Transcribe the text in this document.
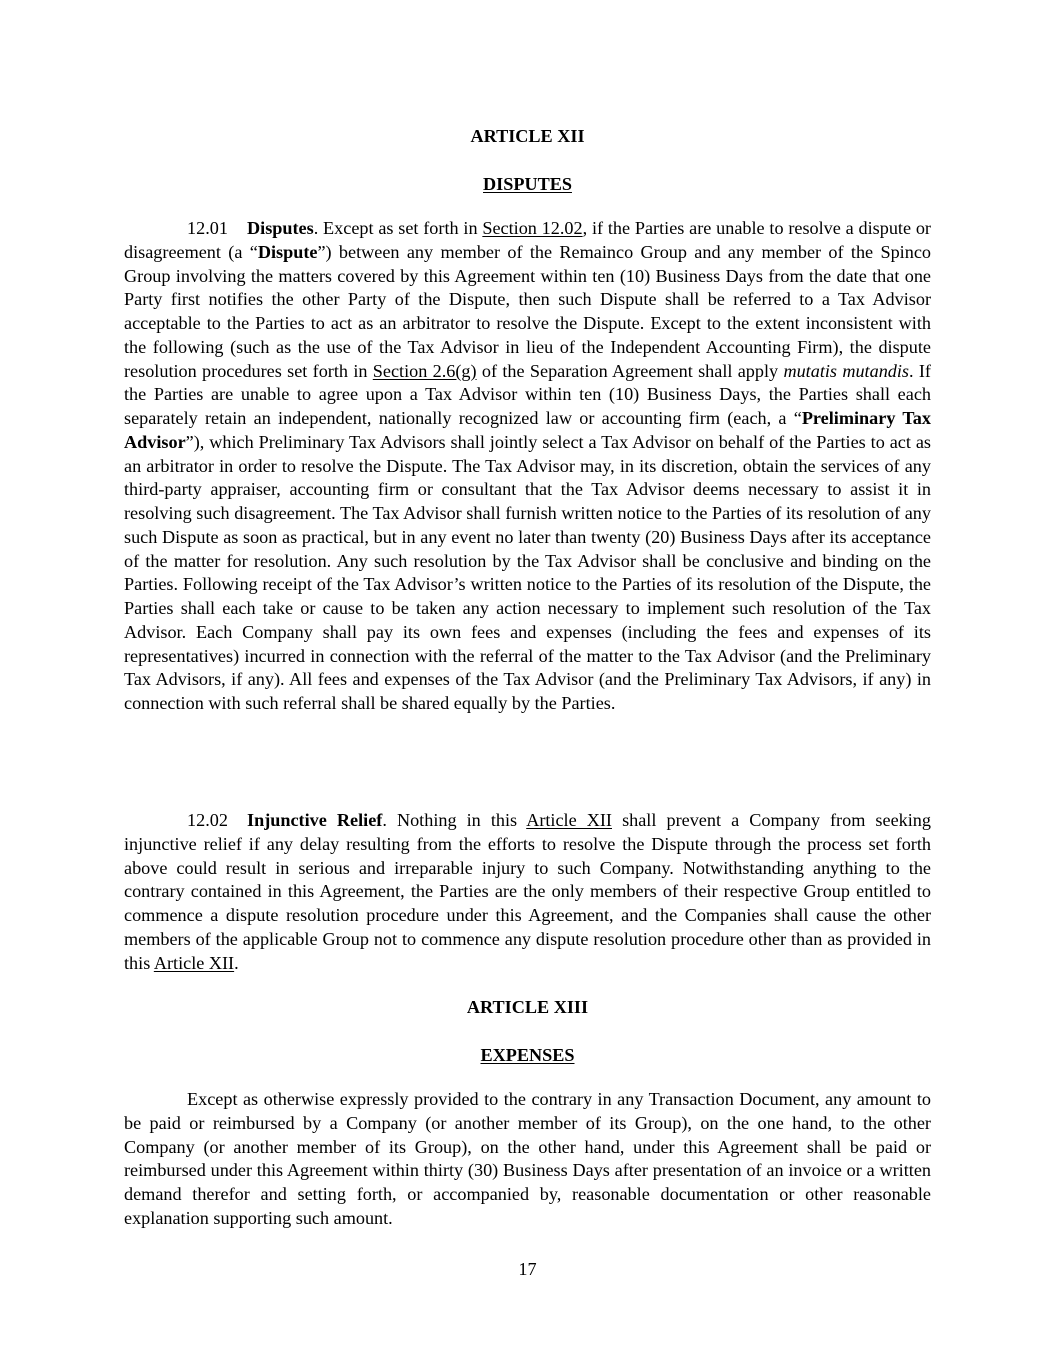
ARTICLE XII
DISPUTES

12.01 Disputes. Except as set forth in Section 12.02, if the Parties are unable to resolve a dispute or disagreement (a “Dispute”) between any member of the Remainco Group and any member of the Spinco Group involving the matters covered by this Agreement within ten (10) Business Days from the date that one Party first notifies the other Party of the Dispute, then such Dispute shall be referred to a Tax Advisor acceptable to the Parties to act as an arbitrator to resolve the Dispute. Except to the extent inconsistent with the following (such as the use of the Tax Advisor in lieu of the Independent Accounting Firm), the dispute resolution procedures set forth in Section 2.6(g) of the Separation Agreement shall apply mutatis mutandis. If the Parties are unable to agree upon a Tax Advisor within ten (10) Business Days, the Parties shall each separately retain an independent, nationally recognized law or accounting firm (each, a “Preliminary Tax Advisor”), which Preliminary Tax Advisors shall jointly select a Tax Advisor on behalf of the Parties to act as an arbitrator in order to resolve the Dispute. The Tax Advisor may, in its discretion, obtain the services of any third-party appraiser, accounting firm or consultant that the Tax Advisor deems necessary to assist it in resolving such disagreement. The Tax Advisor shall furnish written notice to the Parties of its resolution of any such Dispute as soon as practical, but in any event no later than twenty (20) Business Days after its acceptance of the matter for resolution. Any such resolution by the Tax Advisor shall be conclusive and binding on the Parties. Following receipt of the Tax Advisor’s written notice to the Parties of its resolution of the Dispute, the Parties shall each take or cause to be taken any action necessary to implement such resolution of the Tax Advisor. Each Company shall pay its own fees and expenses (including the fees and expenses of its representatives) incurred in connection with the referral of the matter to the Tax Advisor (and the Preliminary Tax Advisors, if any). All fees and expenses of the Tax Advisor (and the Preliminary Tax Advisors, if any) in connection with such referral shall be shared equally by the Parties.

12.02 Injunctive Relief. Nothing in this Article XII shall prevent a Company from seeking injunctive relief if any delay resulting from the efforts to resolve the Dispute through the process set forth above could result in serious and irreparable injury to such Company. Notwithstanding anything to the contrary contained in this Agreement, the Parties are the only members of their respective Group entitled to commence a dispute resolution procedure under this Agreement, and the Companies shall cause the other members of the applicable Group not to commence any dispute resolution procedure other than as provided in this Article XII.

ARTICLE XIII
EXPENSES

Except as otherwise expressly provided to the contrary in any Transaction Document, any amount to be paid or reimbursed by a Company (or another member of its Group), on the one hand, to the other Company (or another member of its Group), on the other hand, under this Agreement shall be paid or reimbursed under this Agreement within thirty (30) Business Days after presentation of an invoice or a written demand therefor and setting forth, or accompanied by, reasonable documentation or other reasonable explanation supporting such amount.

17
